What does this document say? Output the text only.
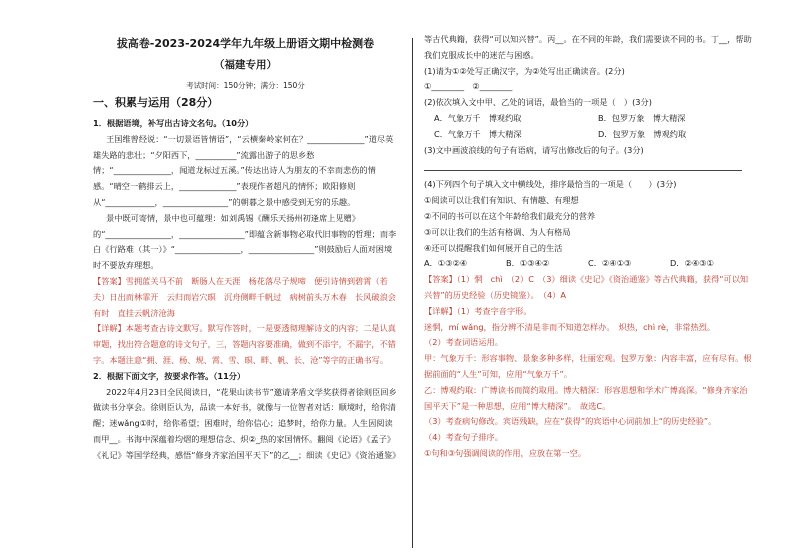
拔高卷-2023-2024学年九年级上册语文期中检测卷

（福建专用）

考试时间：150分钟；满分：150分

一、积累与运用（28分）

1．根据语境，补写出古诗文名句。（10分）

王国维曾经说：“一切景语皆情语”，“云横秦岭家何在？______________”道尽英雄失路的悲壮；“夕阳西下，__________”流露出游子的思乡愁情；“______________，闻道龙标过五溪。”传达出诗人为朋友的不幸而悲伤的情感。“晴空一鹤排云上，______________”表现作者超凡的情怀；欧阳修则从“____________，________________”的朝暮之景中感受到无穷的乐趣。

景中既可寄情，景中也可蕴理：如刘禹锡《酬乐天扬州初逢席上见赠》的“________________，________________”即蕴含新事物必取代旧事物的哲理；而李白《行路难（其一）》“________________，________________”则鼓励后人面对困境时不要放弃理想。

【答案】雪拥蓝关马不前　断肠人在天涯　杨花落尽子规啼　便引诗情到碧霄（若夫）日出而林霏开　云归而岩穴暝　沉舟侧畔千帆过　病树前头万木春　长风破浪会有时　直挂云帆济沧海

【详解】本题考查古诗文默写。默写作答时，一是要透彻理解诗文的内容；二是认真审题，找出符合题意的诗文句子，三，答题内容要准确，做到不添字，不漏字，不错字。本题注意“拥、涯、杨、规、霄、雪、暝、畔、帆、长、沧”等字的正确书写。

2．根据下面文字，按要求作答。（11分）

2022年4月23日全民阅读日，“花果山读书节”邀请茅盾文学奖获得者徐则臣回乡做读书分享会。徐则臣认为，品读一本好书，就像与一位智者对话：顺境时，给你清醒；迷wǎng①时，给你希望；困难时，给你信心；追梦时，给你力量。人生因阅读而甲__。书海中深蕴着均熠的理想信念、炽②_热的家国情怀。翻阅《论语》《孟子》《礼记》等国学经典，感悟“修身齐家治国平天下”的乙__；细读《史记》《资治通鉴》

等古代典籍，获得“可以知兴替”。丙__。在不同的年龄，我们需要读不同的书。丁__，帮助我们克服成长中的迷茫与困惑。

(1)请为①②处写正确汉字，为②处写出正确读音。(2分)

①________　②________

(2)依次填入文中甲、乙处的词语，最恰当的一项是（　）(3分)

A．气象万千　博观约取	B．包罗万象　博大精深
C．气象万千　博大精深	D．包罗万象　博观约取

(3)文中画波浪线的句子有语病，请写出修改后的句子。(3分)

(4)下列四个句子填入文中横线处，排序最恰当的一项是（　　）(3分)

①阅读可以让我们有知识、有情趣、有理想

②不同的书可以在这个年龄给我们最充分的营养

③可以让我们的生活有格调、为人有格局

④还可以提醒我们如何展开自己的生活

A．①③②④	B．①③④②	C．②④①③	D．②④③①

【答案】（1）惘　chì　（2）C　（3）细读《史记》《资治通鉴》等古代典籍，获得“可以知兴替”的历史经验（历史镜鉴）。　（4）A

【详解】（1）考查字音字形。

迷惘，mí wǎng，指分辨不清是非而不知道怎样办。　炽热，chì rè，非常热烈。

（2）考查词语运用。

甲：气象万千：形容事物、景象多种多样，壮丽宏观。包罗万象：内容丰富，应有尽有。根据前面的“人生”可知，应用“气象万千”。

乙：博观约取：广博读书而简约取用。博大精深：形容思想和学术广博高深。“修身齐家治国平天下”是一种思想，应用“博大精深”。　故选C。

（3）考查病句修改。宾语残缺，应在“获得”的宾语中心词前加上“的历史经验”。

（4）考查句子排序。

①句和③句强调阅读的作用，应放在第一空。
